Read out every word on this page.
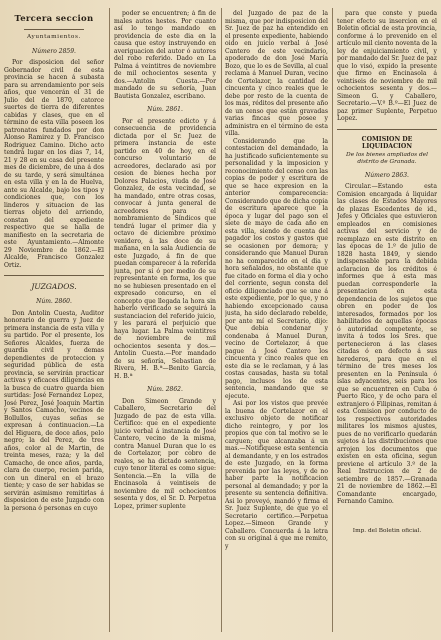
Tercera seccion
Ayuntamientos.
Número 2859.

Por disposicion del señor Gobernador civil de esta provincia se hacen á subasta para su arrendamiento por seis años, que vencerán el 31 de Julio del de 1870, catorce suertes de tierra de diferentes cabidas y clases, que en el término de esta villa poseen los patronatos fundados por don Alonso Ramirez y D. Francisco Rodriguez Camino. Dicho acto tendrá lugar en los dias 7, 14, 21 y 28 en su casa del presente mes de diciembre, de una á dos de su tarde, y será simultánea en esta villa y en la de Huelva, ante su Alcalde, bajo los tipos y condiciones que, con los linderos y situacion de las tierras objeto del arriendo, constan del expediente respectivo que se halla de manifiesto en la secretaria de este Ayuntamiento.—Almonte 29 Noviembre de 1862.—El Alcalde, Francisco Gonzalez Ortiz.

JUZGADOS.
Núm. 2860.

Don Antolin Cuesta, Auditor honorario de guerra y Juez de primera instancia de esta villa y su partido. Por el presente, los Señores Alcaldes, fuerza de guardia civil y demas dependientes de proteccion y seguridad pública de esta provincia, se servirán practicar activas y eficaces diligencias en la busca de cuatro guarda bien surtidas: José Fernandez Lopez, José Perez, José Joaquin Martin y Santos Camacho, vecinos de Bollullos, cuyas señas se expresan á continuacion.—La del Higuera, de doce años, pelo negro; la del Perez, de tres años, color al de Martin, de treinta meses, raza; y la del Camacho, de once años, parda, clara de cuerpo, recien parida, con un dineral en el brazo tiente; y caso de ser habidas se servirán asimismo remitirlas á disposicion de este Juzgado con la persona ó personas en cuyo

poder se encuentren; á fin de males autos hestes. Por cuanto así lo tengo mandado en providencia de este dia en la causa que estoy instruyendo en averiguacion del autor ó autores del robo referido. Dado en La Palma á veintitres de noviembre de mil ochocientos sesenta y dos.—Antolin Cuesta.—Por mandado de su señoría, Juan Bautista Gonzalez, escribano.

Núm. 2861.

Por el presente edicto y á consecuencia de providencia dictada por el Sr. Juez de primera instancia de este partido en 40 de hoy, en el concurso voluntario de acreedores, declarado asi por cesion de bienes hecha por Dolores Palacios, viuda de José Gonzalez, de esta vecindad, se ha mandado, entre otras cosas, convocar á junta general de acreedores para el nombramiento de Síndicos que tendrá lugar el primer dia y octavo de diciembre próximo venidero, á las doce de su mañana, en la sala Audiencia de este Juzgado, á fin de que puedan comparecer á la referida junta, por si ó por medio de su representante en forma, los que no se hubiesen presentado en el expresado concurso, en el concepto que llegada la hora sin haberlo verificado se seguirá la sustanciacion del referido juicio, y les parará el perjuicio que haya lugar. La Palma veintitres de noviembre de mil ochocientos sesenta y dos.—Antolin Cuesta.—Por mandado de su señoría, Sebastian de Rivera, H. B.ª—Benito García, H. B.ª

Núm. 2862.

Don Simeon Grande y Caballero, Secretario del Juzgado de paz de esta villa. Certifico: que en el expediente juicio verbal á instancia de José Cantero, vecino de la misma, contra Manuel Duran que lo es de Cortelazor, por cobro de reales, se ha dictado sentencia, cuyo tenor literal es como sigue: Sentencia.—En la villa de Encinasola á veintiseis de noviembre de mil ochocientos sesenta y dos, el Sr. D. Perpetua Lopez, primer suplente

del Juzgado de paz de la misma, que por indisposicion del Sr. Juez de paz ha entendido en el presente expediente, habiendo oido en juicio verbal á José Cantero de este vecindario, apoderado de don José María Bozo, que lo es de Sevilla, al cual reclama á Manuel Duran, vecino de Cortelazor, la cantidad de cincuenta y cinco reales que le debe por resto de la cuenta de los mas, réditos del presente año de un censo que están gravadas varias fincas que posee y administra en el término de esta villa.

Considerando que la contestacion del demandado, la ha justificado suficientemente su personalidad y la imposicion y reconocimiento del censo con las copias de poder y escritura de que se hace expresion en la anterior comparecencia: Considerando que de dicha copia de escritura aparece que la época y lugar del pago son el siete de mayo de cada año en esta villa, siendo de cuenta del pagador los costos y gastos que se ocasionen por demora; y considerando que Manuel Duran no ha comparecido en el dia y hora señalados, no obstante que fue citado en forma el dia y ocho del corriente, segun consta del oficio diligenciado que se une á este expediente, por lo que, y no habiendo excepcionado causa justa, ha sido declarado rebelde, por ante mí el Secretario, dijo: Que debia condenar y condenaba á Manuel Duran, vecino de Cortelazor, á que pague á José Cantero los cincuenta y cinco reales que en este dia se le reclaman, y á las costas causadas, hasta su total pago, inclusos los de esta sentencia, mandando que se ejecute.

Asi por los vistos que prevée la buena de Cortelazor en el exclusivo objeto de notificar dicho reintegro, y por los propios que con tal motivo se le carguen; que alcanzaba á un mas.—Notifíquese esta sentencia al demandante, y en los estrados de este Juzgado, en la forma prevenida por las leyes, y de no haber parte la notificacion personal al demandado; y por la presente su sentencia definitiva. Asi lo proveyó, mandó y firma el Sr. Juez Suplente, de que yo el Secretario certifico.—Perpetua Lopez.—Simeon Grande y Caballero. Concuerda á la letra con su original á que me remito, y

para que conste y pueda tener efecto su insercion en el Boletin oficial de esta provincia, conforme á lo prevenido en el artículo mil ciento noventa de la ley de enjuiciamiento civil, y por mandado del Sr. Juez de paz que lo visó, expido la presente que firmo en Encinasola á veintiseis de noviembre de mil ochocientos sesenta y dos.—Simeon G. y Caballero, Secretario.—V.º B.º—El Juez de paz primer Suplente, Perpetuo Lopez.

COMISION DE LIQUIDACION
De los bienes ampliados del distrito de Granada.
Número 2863.

Circular.—Estando esta Comision encargada á liquidar las clases de Estados Mayores de plazas Escedentes de id., Jefes y Oficiales que estuvieron empleados en comisiones activas del servicio y de reemplazo en este distrito en las épocas de 1.º de julio de 1828 hasta 1849, y siendo indispensable para la debida aclaracion de los créditos é informes que á esta mas puedan corresponderle la presentacion en esta dependencia de los sujetos que obren en poder de los interesados, formados por los habilitados de aquellas épocas ó autoridad competente, se invita á todos los Sres. que pertenecieron á las clases citadas ó en defecto á sus herederos, para que en el término de tres meses los presenten en la Península ó islas adyacentes, seis para los que se encuentren en Cuba ó Puerto Rico, y de ocho para el extranjero ó Filipinas, remitan á esta Comision por conducto de los respectivos autoridades militares los mismos ajustes, pues de no verificarlo quedarán sujetos á las distribuciones que arrojen los documentos que existen en esta oficina, segun previene el artículo 3.º de la Real Instruccion de 2 de setiembre de 1857.—Granada 21 de noviembre de 1862.—El Comandante encargado, Fernando Camino.

Imp. del Boletin oficial.
